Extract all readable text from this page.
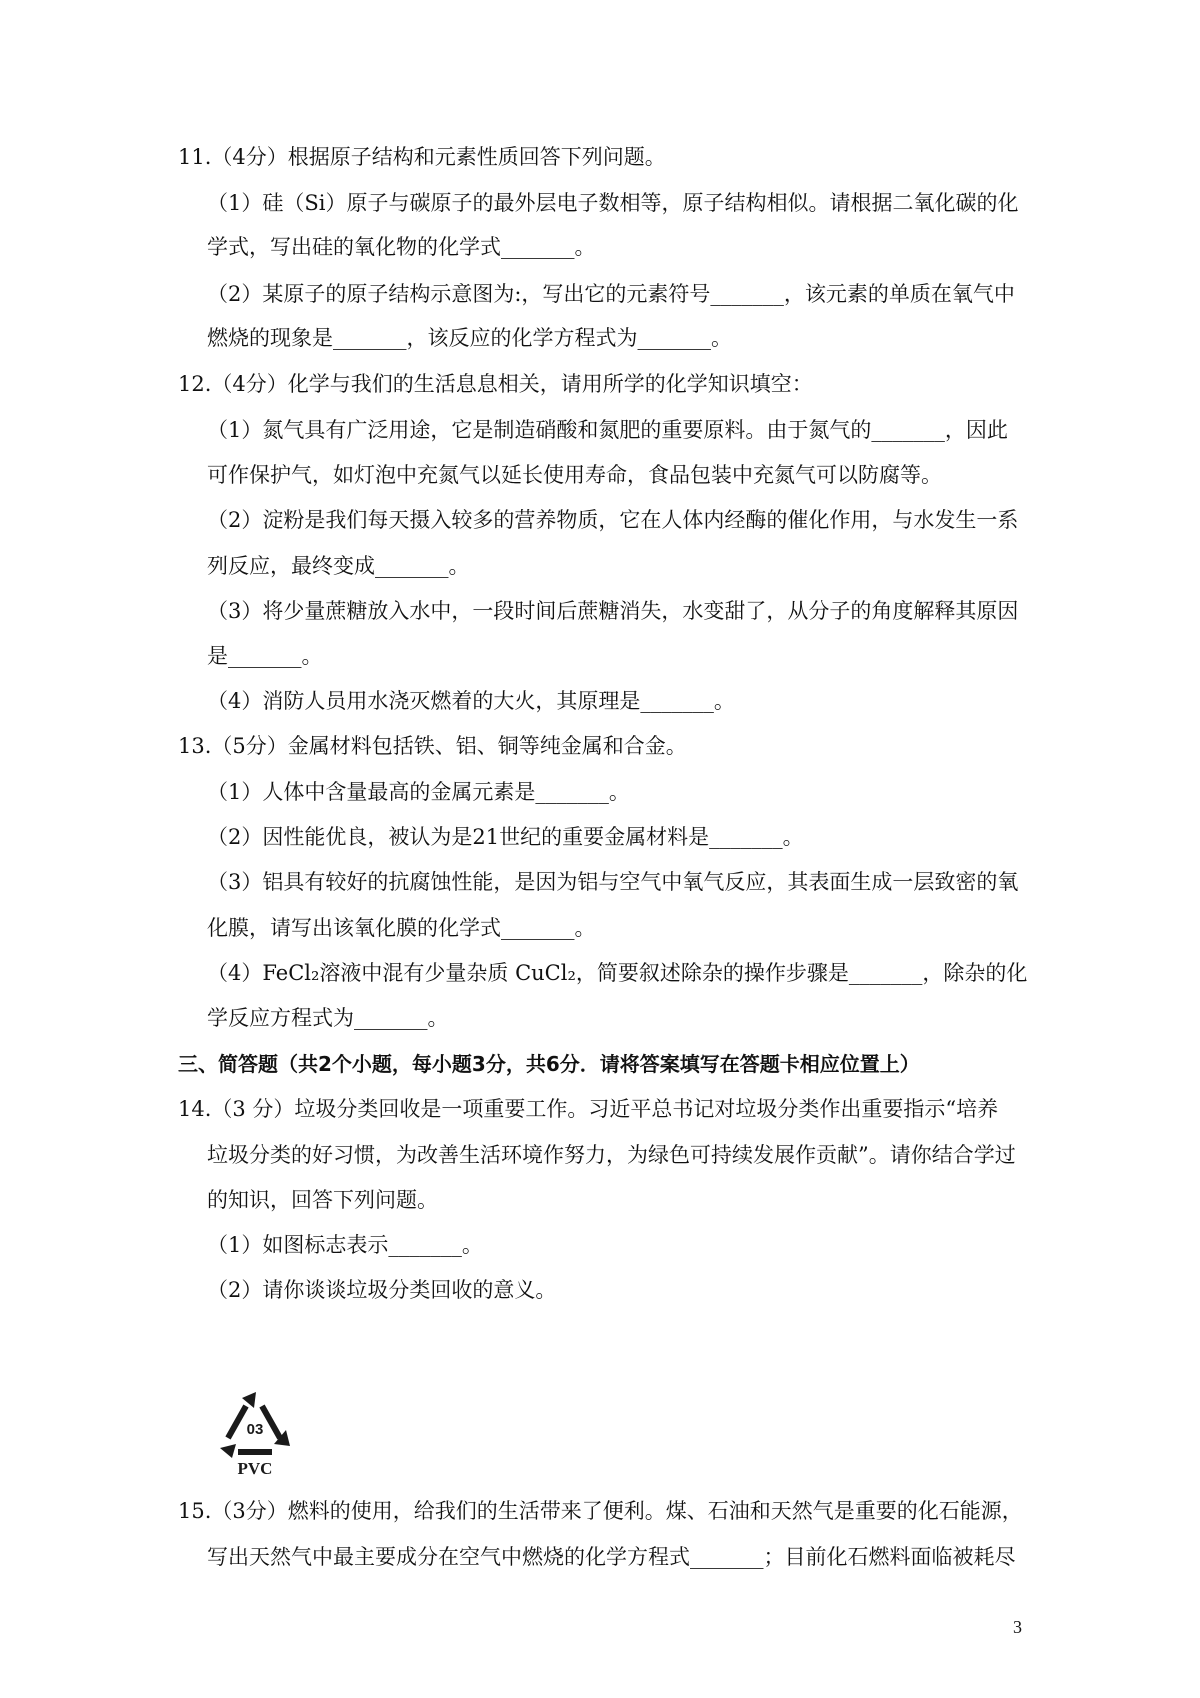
11.（4分）根据原子结构和元素性质回答下列问题。
（1）硅（Si）原子与碳原子的最外层电子数相等，原子结构相似。请根据二氧化碳的化
学式，写出硅的氧化物的化学式_______。
（2）某原子的原子结构示意图为:，写出它的元素符号_______，该元素的单质在氧气中
燃烧的现象是_______，该反应的化学方程式为_______。
12.（4分）化学与我们的生活息息相关，请用所学的化学知识填空：
（1）氮气具有广泛用途，它是制造硝酸和氮肥的重要原料。由于氮气的_______，因此
可作保护气，如灯泡中充氮气以延长使用寿命，食品包装中充氮气可以防腐等。
（2）淀粉是我们每天摄入较多的营养物质，它在人体内经酶的催化作用，与水发生一系
列反应，最终变成_______。
（3）将少量蔗糖放入水中，一段时间后蔗糖消失，水变甜了，从分子的角度解释其原因
是_______。
（4）消防人员用水浇灭燃着的大火，其原理是_______。
13.（5分）金属材料包括铁、铝、铜等纯金属和合金。
（1）人体中含量最高的金属元素是_______。
（2）因性能优良，被认为是21世纪的重要金属材料是_______。
（3）铝具有较好的抗腐蚀性能，是因为铝与空气中氧气反应，其表面生成一层致密的氧
化膜，请写出该氧化膜的化学式_______。
（4）FeCl₂溶液中混有少量杂质 CuCl₂，简要叙述除杂的操作步骤是_______，除杂的化
学反应方程式为_______。
三、简答题（共2个小题，每小题3分，共6分．请将答案填写在答题卡相应位置上）
14.（3 分）垃圾分类回收是一项重要工作。习近平总书记对垃圾分类作出重要指示“培养
垃圾分类的好习惯，为改善生活环境作努力，为绿色可持续发展作贡献”。请你结合学过
的知识，回答下列问题。
（1）如图标志表示_______。
（2）请你谈谈垃圾分类回收的意义。
03
PVC
15.（3分）燃料的使用，给我们的生活带来了便利。煤、石油和天然气是重要的化石能源，
写出天然气中最主要成分在空气中燃烧的化学方程式_______；目前化石燃料面临被耗尽
3
